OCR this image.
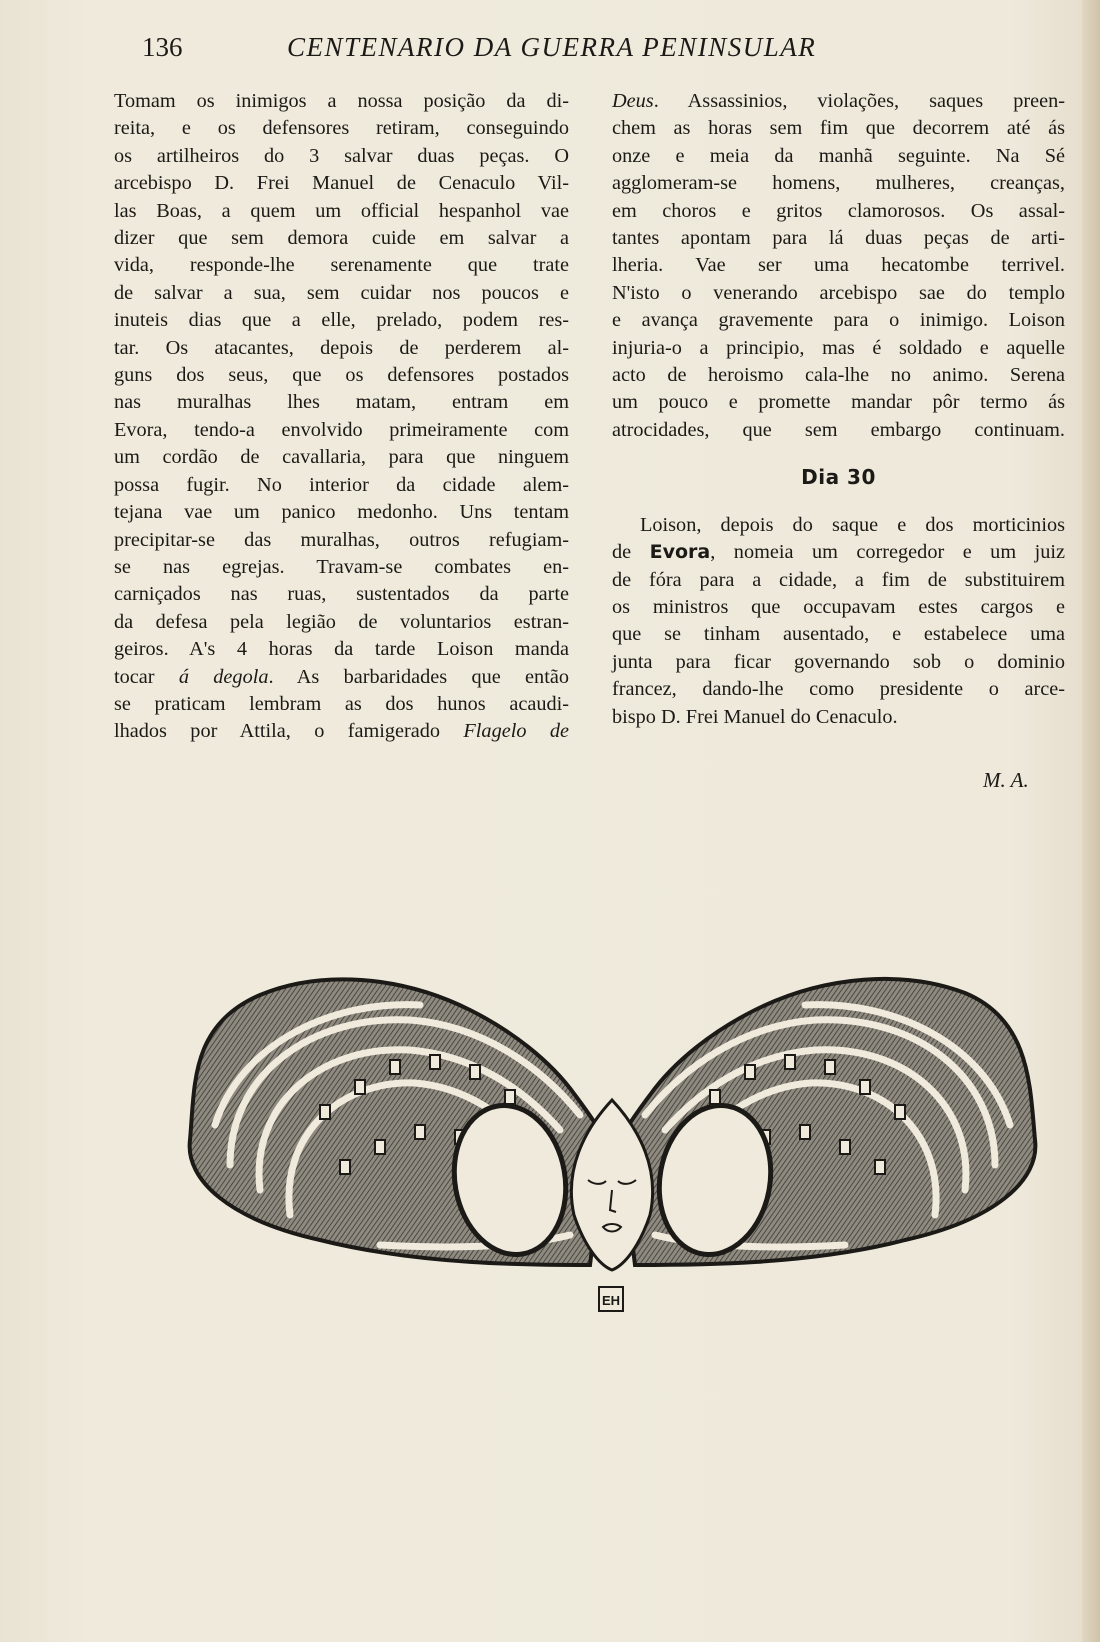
136	CENTENARIO DA GUERRA PENINSULAR

Tomam os inimigos a nossa posição da di-
reita, e os defensores retiram, conseguindo
os artilheiros do 3 salvar duas peças. O
arcebispo D. Frei Manuel de Cenaculo Vil-
las Boas, a quem um official hespanhol vae
dizer que sem demora cuide em salvar a
vida, responde-lhe serenamente que trate
de salvar a sua, sem cuidar nos poucos e
inuteis dias que a elle, prelado, podem res-
tar. Os atacantes, depois de perderem al-
guns dos seus, que os defensores postados
nas muralhas lhes matam, entram em
Evora, tendo-a envolvido primeiramente com
um cordão de cavallaria, para que ninguem
possa fugir. No interior da cidade alem-
tejana vae um panico medonho. Uns tentam
precipitar-se das muralhas, outros refugiam-
se nas egrejas. Travam-se combates en-
carniçados nas ruas, sustentados da parte
da defesa pela legião de voluntarios estran-
geiros. A's 4 horas da tarde Loison manda
tocar á degola. As barbaridades que então
se praticam lembram as dos hunos acaudi-
lhados por Attila, o famigerado Flagelo de

Deus. Assassinios, violações, saques preen-
chem as horas sem fim que decorrem até ás
onze e meia da manhã seguinte. Na Sé
agglomeram-se homens, mulheres, creanças,
em choros e gritos clamorosos. Os assal-
tantes apontam para lá duas peças de arti-
lheria. Vae ser uma hecatombe terrivel.
N'isto o venerando arcebispo sae do templo
e avança gravemente para o inimigo. Loison
injuria-o a principio, mas é soldado e aquelle
acto de heroismo cala-lhe no animo. Serena
um pouco e promette mandar pôr termo ás
atrocidades, que sem embargo continuam.

Dia 30

Loison, depois do saque e dos morticinios
de Evora, nomeia um corregedor e um juiz
de fóra para a cidade, a fim de substituirem
os ministros que occupavam estes cargos e
que se tinham ausentado, e estabelece uma
junta para ficar governando sob o dominio
francez, dando-lhe como presidente o arce-
bispo D. Frei Manuel do Cenaculo.

M. A.
EH
